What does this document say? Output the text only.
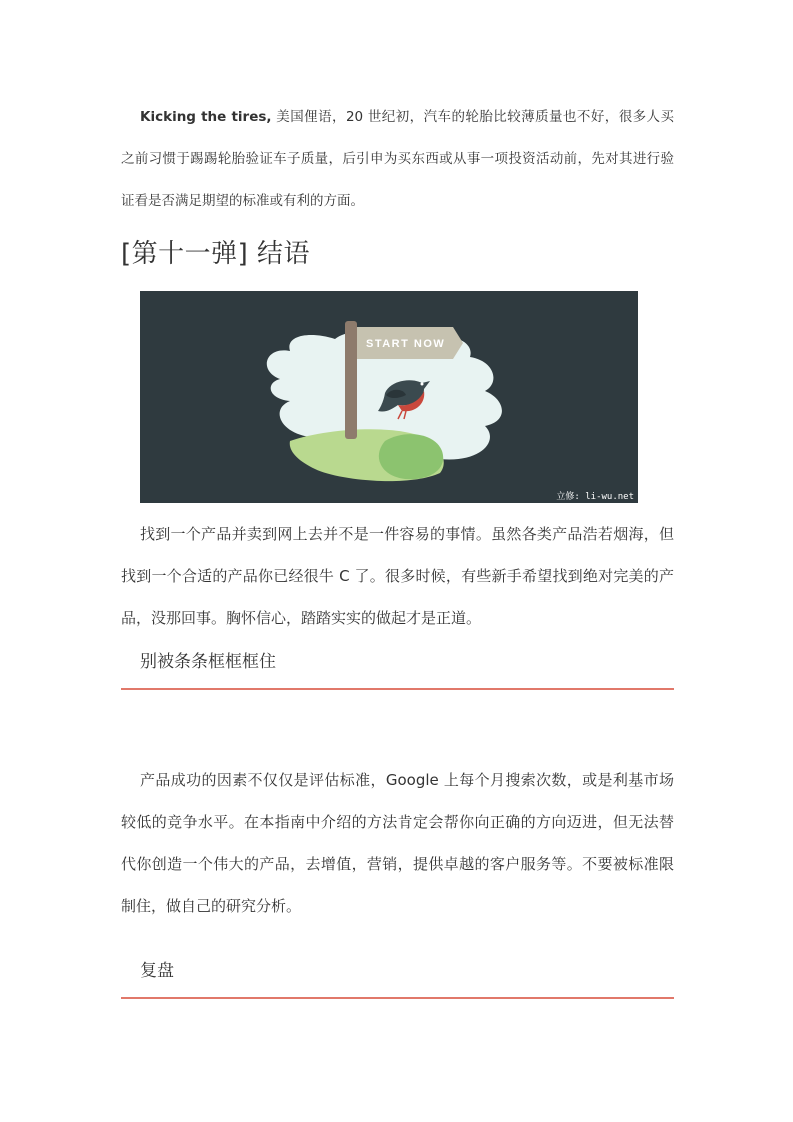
Kicking the tires, 美国俚语，20 世纪初，汽车的轮胎比较薄质量也不好，很多人买之前习惯于踢踢轮胎验证车子质量，后引申为买东西或从事一项投资活动前，先对其进行验证看是否满足期望的标准或有利的方面。

[第十一弹] 结语
START NOW
立修: li-wu.net

找到一个产品并卖到网上去并不是一件容易的事情。虽然各类产品浩若烟海，但找到一个合适的产品你已经很牛 C 了。很多时候，有些新手希望找到绝对完美的产品，没那回事。胸怀信心，踏踏实实的做起才是正道。

别被条条框框框住

产品成功的因素不仅仅是评估标准，Google 上每个月搜索次数，或是利基市场较低的竞争水平。在本指南中介绍的方法肯定会帮你向正确的方向迈进，但无法替代你创造一个伟大的产品，去增值，营销，提供卓越的客户服务等。不要被标准限制住，做自己的研究分析。

复盘
